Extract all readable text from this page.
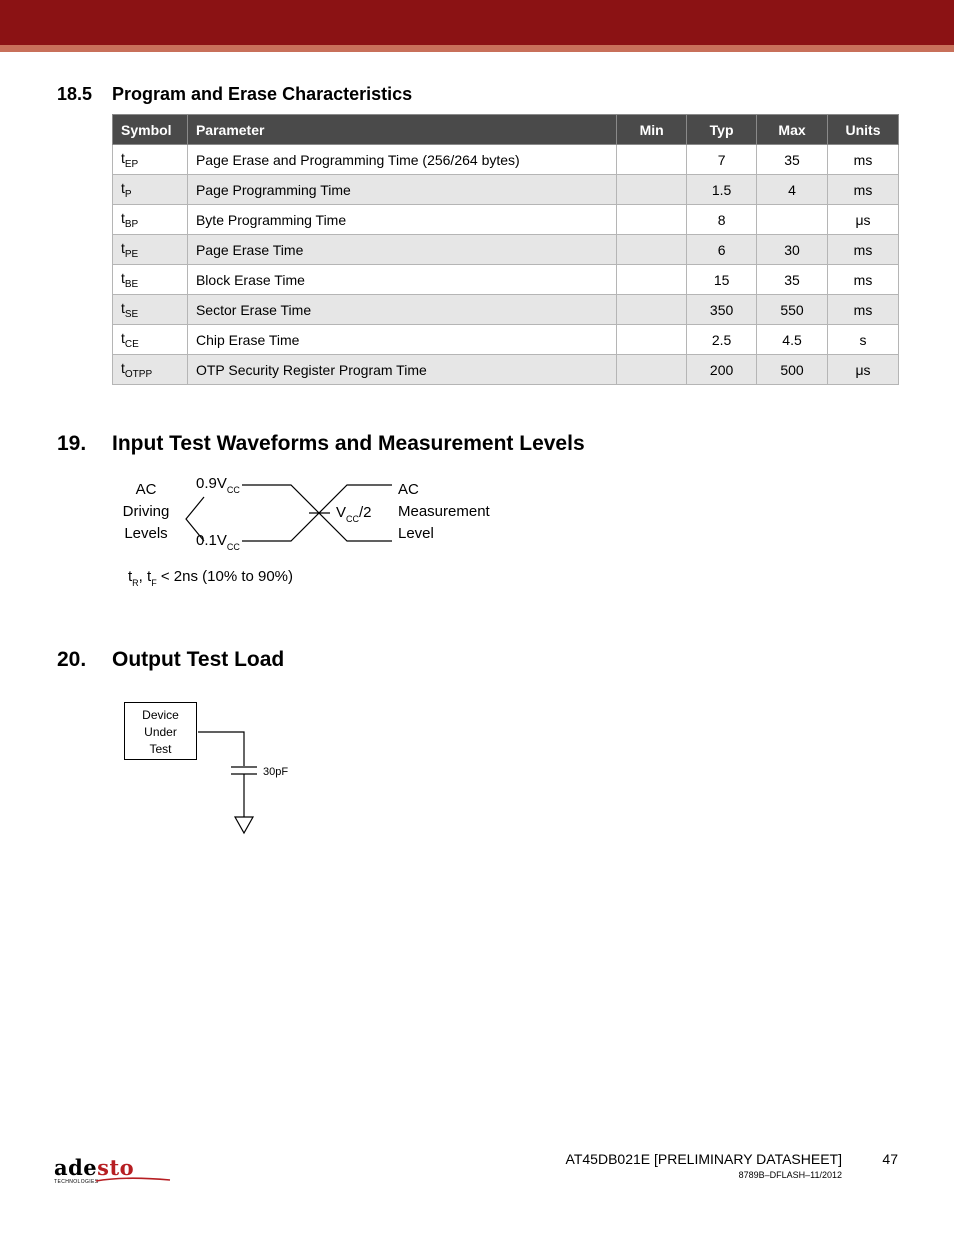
18.5 Program and Erase Characteristics
Symbol	Parameter	Min	Typ	Max	Units
$t_{EP}$	Page Erase and Programming Time (256/264 bytes)		7	35	ms
$t_P$	Page Programming Time		1.5	4	ms
$t_{BP}$	Byte Programming Time		8		μs
$t_{PE}$	Page Erase Time		6	30	ms
$t_{BE}$	Block Erase Time		15	35	ms
$t_{SE}$	Sector Erase Time		350	550	ms
$t_{CE}$	Chip Erase Time		2.5	4.5	s
$t_{OTPP}$	OTP Security Register Program Time		200	500	μs
19. Input Test Waveforms and Measurement Levels
AC
Driving
Levels
$0.9V_{CC}$
$0.1V_{CC}$
$V_{CC}/2$
AC
Measurement
Level
$t_R$, $t_F < 2ns$ (10% to 90%)
20. Output Test Load
Device
Under
Test
30pF
adesto
TECHNOLOGIES
AT45DB021E [PRELIMINARY DATASHEET]
8789B–DFLASH–11/2012
47
